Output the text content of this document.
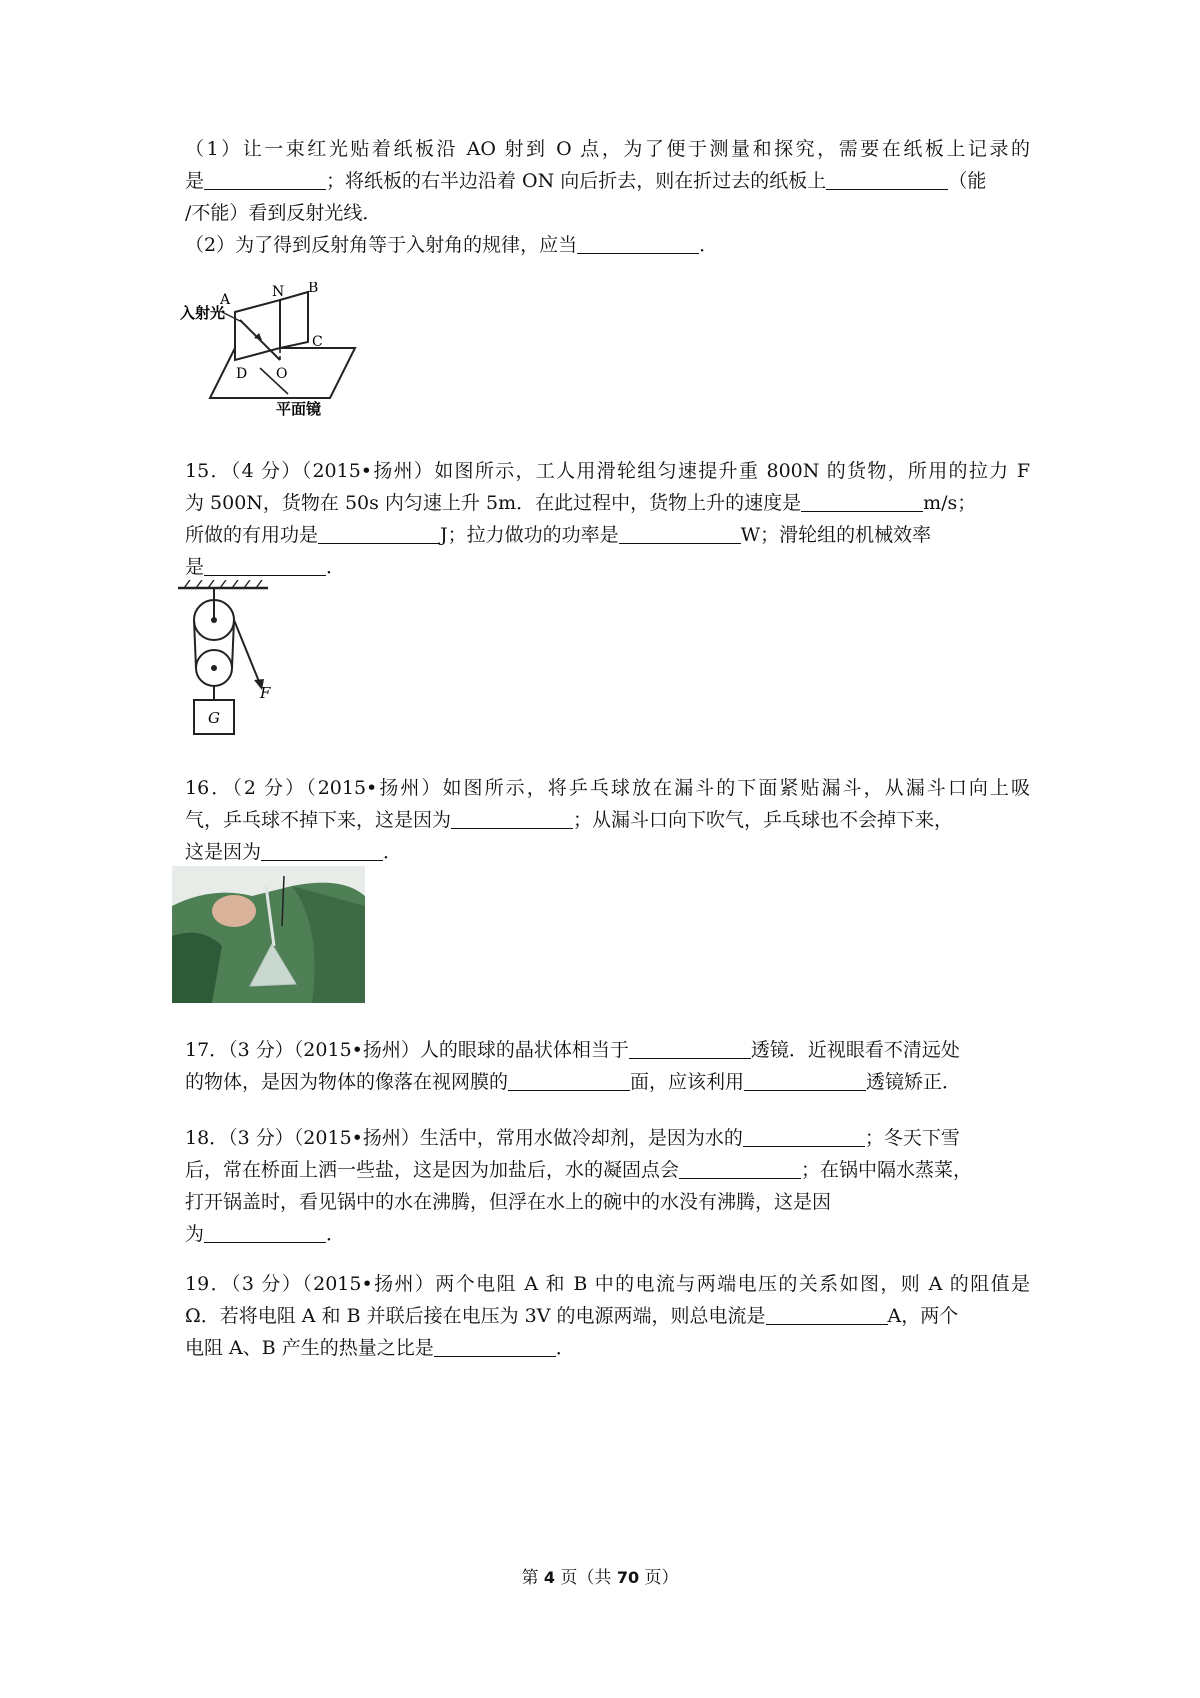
（1）让一束红光贴着纸板沿 AO 射到 O 点，为了便于测量和探究，需要在纸板上记录的
是	；将纸板的右半边沿着 ON 向后折去，则在折过去的纸板上	（能
/不能）看到反射光线．
（2）为了得到反射角等于入射角的规律，应当	．
A	N B
C
D O
入射光
平面镜
15．（4 分）（2015•扬州）如图所示，工人用滑轮组匀速提升重 800N 的货物，所用的拉力 F
为 500N，货物在 50s 内匀速上升 5m．在此过程中，货物上升的速度是	m/s；
所做的有用功是	J；拉力做功的功率是	W；滑轮组的机械效率
是	．
G
F
16．（2 分）（2015•扬州）如图所示，将乒乓球放在漏斗的下面紧贴漏斗，从漏斗口向上吸
气，乒乓球不掉下来，这是因为	；从漏斗口向下吹气，乒乓球也不会掉下来，
这是因为	．
17．（3 分）（2015•扬州）人的眼球的晶状体相当于	透镜．近视眼看不清远处
的物体，是因为物体的像落在视网膜的	面，应该利用	透镜矫正．
18．（3 分）（2015•扬州）生活中，常用水做冷却剂，是因为水的	；冬天下雪
后，常在桥面上洒一些盐，这是因为加盐后，水的凝固点会	；在锅中隔水蒸菜，
打开锅盖时，看见锅中的水在沸腾，但浮在水上的碗中的水没有沸腾，这是因
为	．
19．（3 分）（2015•扬州）两个电阻 A 和 B 中的电流与两端电压的关系如图，则 A 的阻值是
Ω．若将电阻 A 和 B 并联后接在电压为 3V 的电源两端，则总电流是	A，两个
电阻 A、B 产生的热量之比是	．
第 4 页（共 70 页）
